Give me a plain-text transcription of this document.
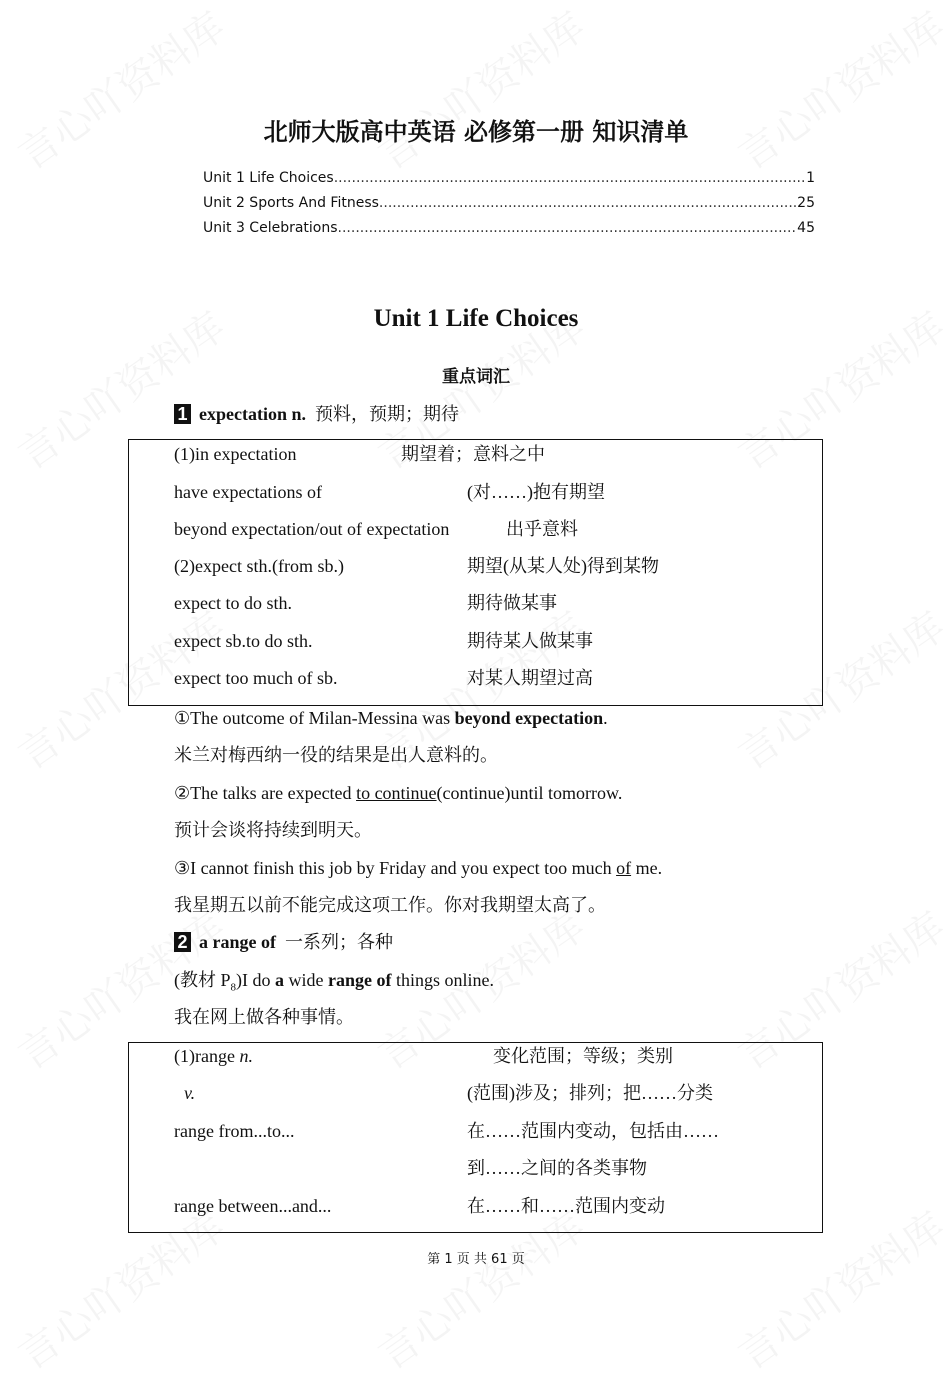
北师大版高中英语 必修第一册 知识清单
Unit 1 Life Choices .....	1
Unit 2 Sports And Fitness .....	25
Unit 3 Celebrations .....	45
Unit 1 Life Choices
重点词汇
1 expectation n. 预料，预期；期待
(1)in expectation	期望着；意料之中
have expectations of	(对……)抱有期望
beyond expectation/out of expectation	出乎意料
(2)expect sth.(from sb.)	期望(从某人处)得到某物
expect to do sth.	期待做某事
expect sb.to do sth.	期待某人做某事
expect too much of sb.	对某人期望过高
①The outcome of Milan-Messina was beyond expectation.
米兰对梅西纳一役的结果是出人意料的。
②The talks are expected to continue(continue)until tomorrow.
预计会谈将持续到明天。
③I cannot finish this job by Friday and you expect too much of me.
我星期五以前不能完成这项工作。你对我期望太高了。
2 a range of 一系列；各种
(教材 $P_8)I$ do a wide range of things online.
我在网上做各种事情。
(1)range n.	变化范围；等级；类别
v.	(范围)涉及；排列；把……分类
range from...to...	在……范围内变动，包括由……
到……之间的各类事物
range between...and...	在……和……范围内变动
第 1 页 共 61 页
